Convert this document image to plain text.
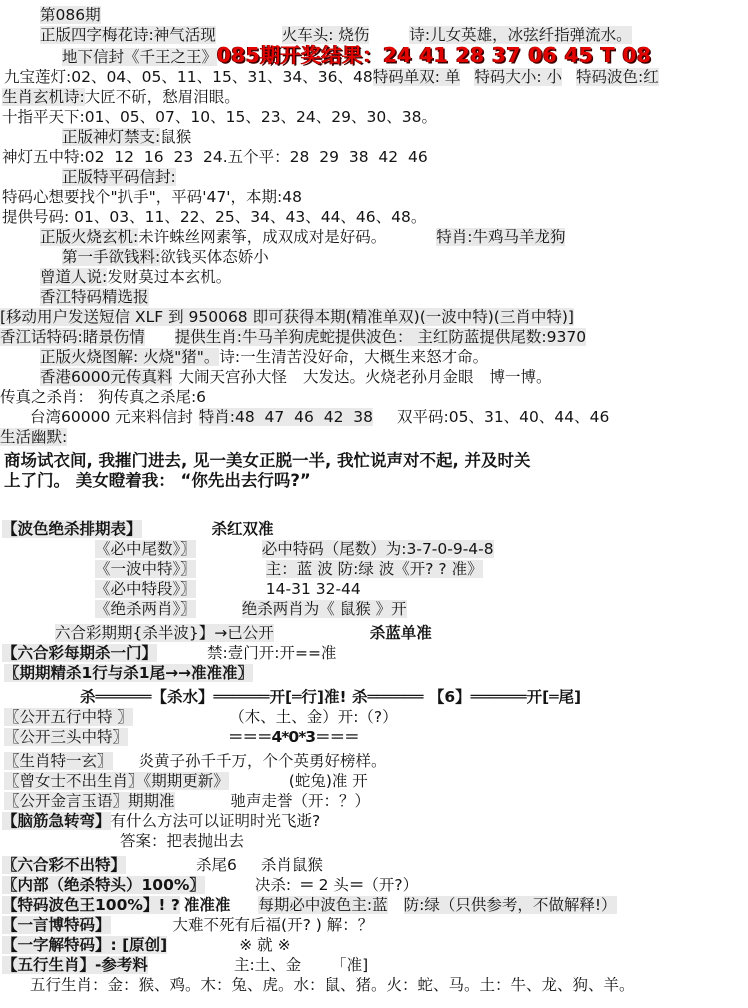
第086期
正版四字梅花诗:神气活现	火车头: 烧伤	诗:儿女英雄，冰弦纤指弹流水。
地下信封《千王之王》085期开奖结果：24 41 28 37 06 45 T 08
九宝莲灯:02、04、05、11、15、31、34、36、48特码单双: 单 特码大小: 小 特码波色:红
生肖玄机诗:大匠不斫，愁眉泪眼。
十指平天下:01、05、07、10、15、23、24、29、30、38。
正版神灯禁支:鼠猴
神灯五中特:02  12  16  23  24.五个平：28  29  38  42  46
正版特平码信封:
特码心想要找个"扒手"，平码'47'，本期:48
提供号码: 01、03、11、22、25、34、43、44、46、48。
正版火烧玄机:未许蛛丝网素筝，成双成对是好码。	特肖:牛鸡马羊龙狗
第一手欲钱料:欲钱买体态娇小
曾道人说:发财莫过本玄机。
香江特码精选报
[移动用户发送短信 XLF 到 950068 即可获得本期(精准单双)(一波中特)(三肖中特)]
香江话特码:睹景伤情 提供生肖:牛马羊狗虎蛇提供波色： 主红防蓝提供尾数:9370
正版火烧图解: 火烧"猪"。诗:一生清苦没好命，大概生来怒才命。
香港6000元传真料 大闹天宫孙大怪 大发达。火烧老孙月金眼 博一博。
传真之杀肖： 狗传真之杀尾:6
台湾60000 元来料信封 特肖:48  47  46  42  38 双平码:05、31、40、44、46
生活幽默:
商场试衣间, 我摧门进去, 见一美女正脱一半, 我忙说声对不起, 并及时关
上了门。 美女瞪着我： “你先出去行吗?”
【波色绝杀排期表】	杀红双准
《必中尾数》〗	必中特码（尾数）为:3-7-0-9-4-8
《一波中特》〗	主：蓝 波 防:绿 波《开? ? 准》
《必中特段》〗	14-31 32-44
《绝杀两肖》〗	绝杀两肖为《 鼠猴 》开
六合彩期期{杀半波}】→已公开	杀蓝单准
【六合彩每期杀一门】	禁:壹门开:开==准
〖期期精杀1行与杀1尾→→准准准〗
杀══════【杀水】══════开[═行]准! 杀══════ 【6】══════开[═尾]
〖公开五行中特 〗	（木、土、金）开:（?）
〖公开三头中特〗	＝＝＝4*0*3＝＝＝
〖生肖特一玄〗 炎黄子孙千千万，个个英勇好榜样。
〖曾女士不出生肖〗《期期更新》	(蛇兔)准 开
〖公开金言玉语〗期期准	驰声走誉（开：？）
【脑筋急转弯】有什么方法可以证明时光飞逝?
答案：把表抛出去
〖六合彩不出特】	杀尾6 杀肖鼠猴
〖内部（绝杀特头）100%〗	决杀: ＝ 2 头＝（开?）
【特码波色王100%】! ? 准准准 每期必中波色主:蓝 防:绿（只供参考，不做解释!）
【一言博特码】	大难不死有后福(开? ) 解：？
【一字解特码】: [原创]	※ 就 ※
【五行生肖】-参考料	主:土、金 「准]
五行生肖：金：猴、鸡。木：兔、虎。水：鼠、猪。火：蛇、马。土：牛、龙、狗、羊。
